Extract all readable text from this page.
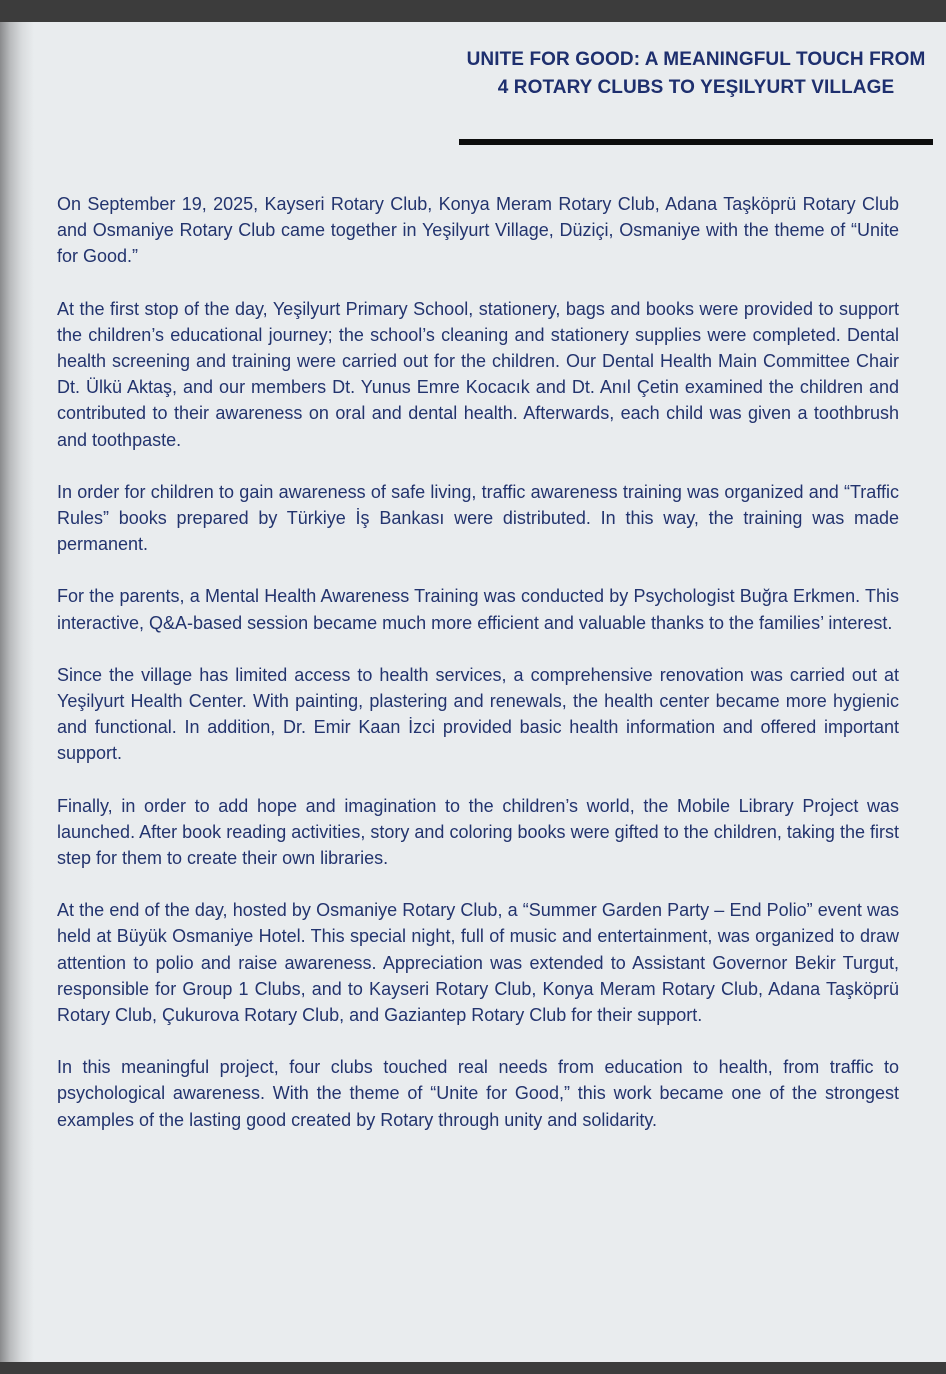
UNITE FOR GOOD: A MEANINGFUL TOUCH FROM 4 ROTARY CLUBS TO YEŞILYURT VILLAGE

On September 19, 2025, Kayseri Rotary Club, Konya Meram Rotary Club, Adana Taşköprü Rotary Club and Osmaniye Rotary Club came together in Yeşilyurt Village, Düziçi, Osmaniye with the theme of “Unite for Good.”

At the first stop of the day, Yeşilyurt Primary School, stationery, bags and books were provided to support the children’s educational journey; the school’s cleaning and stationery supplies were completed. Dental health screening and training were carried out for the children. Our Dental Health Main Committee Chair Dt. Ülkü Aktaş, and our members Dt. Yunus Emre Kocacık and Dt. Anıl Çetin examined the children and contributed to their awareness on oral and dental health. Afterwards, each child was given a toothbrush and toothpaste.

In order for children to gain awareness of safe living, traffic awareness training was organized and “Traffic Rules” books prepared by Türkiye İş Bankası were distributed. In this way, the training was made permanent.

For the parents, a Mental Health Awareness Training was conducted by Psychologist Buğra Erkmen. This interactive, Q&A-based session became much more efficient and valuable thanks to the families’ interest.

Since the village has limited access to health services, a comprehensive renovation was carried out at Yeşilyurt Health Center. With painting, plastering and renewals, the health center became more hygienic and functional. In addition, Dr. Emir Kaan İzci provided basic health information and offered important support.

Finally, in order to add hope and imagination to the children’s world, the Mobile Library Project was launched. After book reading activities, story and coloring books were gifted to the children, taking the first step for them to create their own libraries.

At the end of the day, hosted by Osmaniye Rotary Club, a “Summer Garden Party – End Polio” event was held at Büyük Osmaniye Hotel. This special night, full of music and entertainment, was organized to draw attention to polio and raise awareness. Appreciation was extended to Assistant Governor Bekir Turgut, responsible for Group 1 Clubs, and to Kayseri Rotary Club, Konya Meram Rotary Club, Adana Taşköprü Rotary Club, Çukurova Rotary Club, and Gaziantep Rotary Club for their support.

In this meaningful project, four clubs touched real needs from education to health, from traffic to psychological awareness. With the theme of “Unite for Good,” this work became one of the strongest examples of the lasting good created by Rotary through unity and solidarity.
